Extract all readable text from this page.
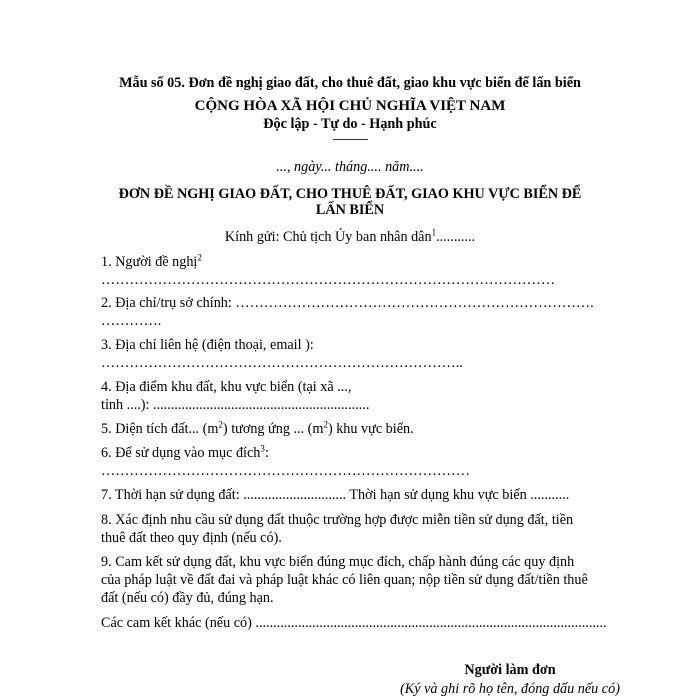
Mẫu số 05. Đơn đề nghị giao đất, cho thuê đất, giao khu vực biển để lấn biển
CỘNG HÒA XÃ HỘI CHỦ NGHĨA VIỆT NAM
Độc lập - Tự do - Hạnh phúc
---------------
..., ngày... tháng.... năm....
ĐƠN ĐỀ NGHỊ GIAO ĐẤT, CHO THUÊ ĐẤT, GIAO KHU VỰC BIỂN ĐỂ
LẤN BIỂN
Kính gửi: Chủ tịch Ủy ban nhân dân$^1$...........
1. Người đề nghị$^2$
……………………………………………………………………………………
2. Địa chỉ/trụ sở chính: ………………………………………………………………….
………….
3. Địa chỉ liên hệ (điện thoại, email ):
…………………………………………………………………..
4. Địa điểm khu đất, khu vực biển (tại xã ...,
tỉnh ....): .............................................................
5. Diện tích đất... $(m^2)$ tương ứng ... $(m^2)$ khu vực biển.
6. Để sử dụng vào mục đích$^3$:
……………………………………………………………………
7. Thời hạn sử dụng đất: ............................. Thời hạn sử dụng khu vực biển ...........
8. Xác định nhu cầu sử dụng đất thuộc trường hợp được miễn tiền sử dụng đất, tiền
thuê đất theo quy định (nếu có).
9. Cam kết sử dụng đất, khu vực biển đúng mục đích, chấp hành đúng các quy định
của pháp luật về đất đai và pháp luật khác có liên quan; nộp tiền sử dụng đất/tiền thuê
đất (nếu có) đầy đủ, đúng hạn.
Các cam kết khác (nếu có) ...................................................................................................
Người làm đơn
(Ký và ghi rõ họ tên, đóng dấu nếu có)
